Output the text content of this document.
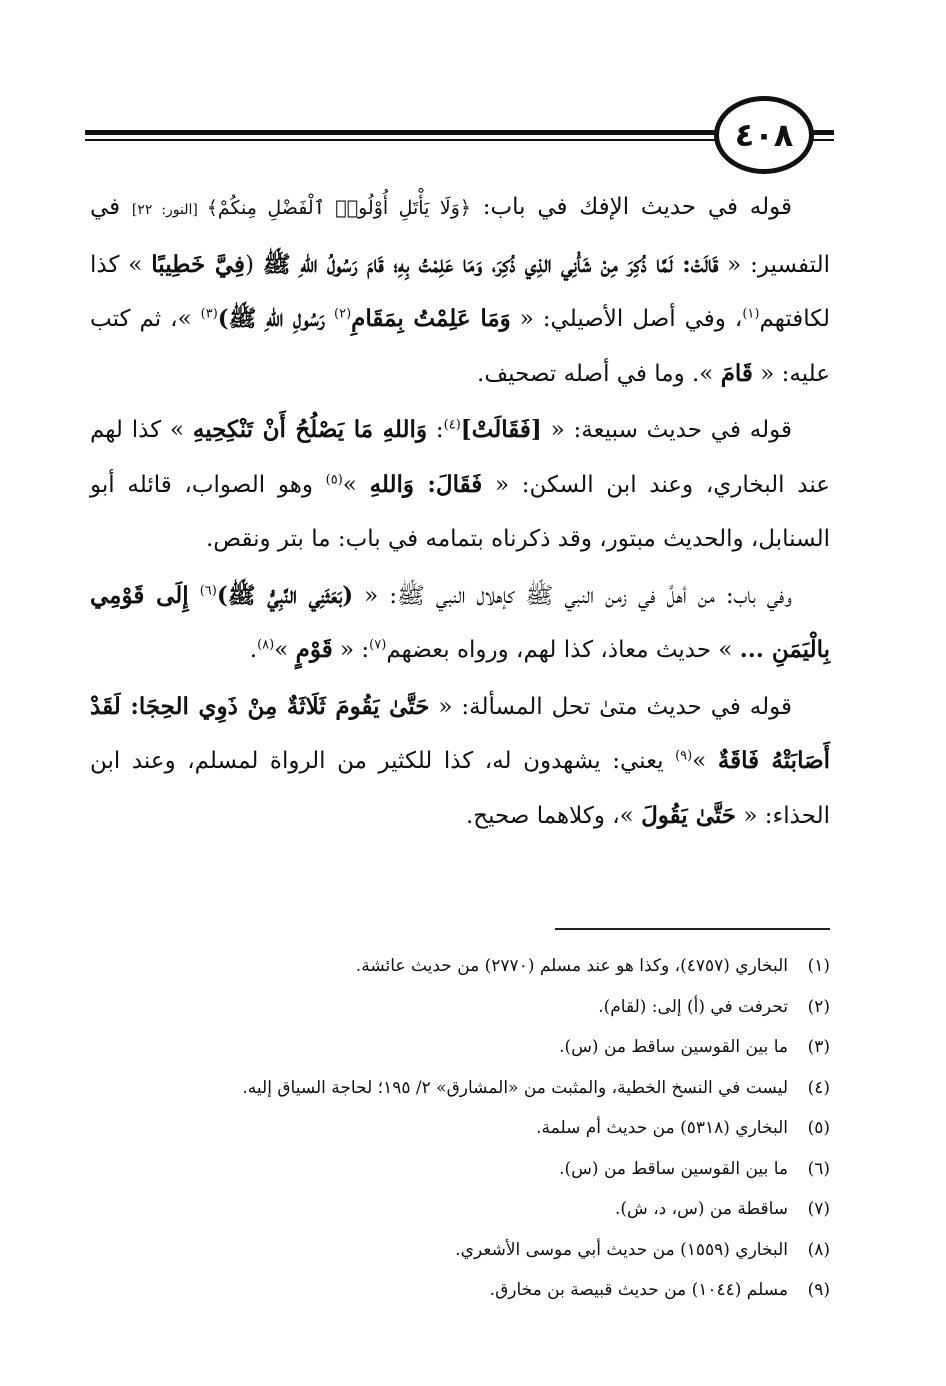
٤٠٨

قوله في حديث الإفك في باب: ﴿وَلَا يَأْتَلِ أُوْلُوا۟ ٱلْفَضْلِ مِنكُمْ﴾ [النور: ٢٢] في التفسير: « قَالَتْ: لَمَّا ذُكِرَ مِنْ شَأْنِي الذِي ذُكِرَ، وَمَا عَلِمْتُ بِهِ؛ قَامَ رَسُولُ اللهِ ﷺ (فِيَّ خَطِيبًا » كذا لكافتهم$^{(١)}$، وفي أصل الأصيلي: « وَمَا عَلِمْتُ بِمَقَامِ$^{(٢)}$ رَسُولِ اللهِ ﷺ)$^{(٣)}$ »، ثم كتب عليه: « قَامَ ». وما في أصله تصحيف.

قوله في حديث سبيعة: « [فَقَالَتْ]$^{(٤)}$: وَاللهِ مَا يَصْلُحُ أَنْ تَنْكِحِيهِ » كذا لهم عند البخاري، وعند ابن السكن: « فَقَالَ: وَاللهِ »$^{(٥)}$ وهو الصواب، قائله أبو السنابل، والحديث مبتور، وقد ذكرناه بتمامه في باب: ما بتر ونقص.

وفي باب: من أهلَّ في زمن النبي ﷺ كإهلال النبي ﷺ: « (بَعَثَنِي النَّبِيُّ ﷺ)$^{(٦)}$ إِلَى قَوْمِي بِالْيَمَنِ ... » حديث معاذ، كذا لهم، ورواه بعضهم$^{(٧)}$: « قَوْمٍ »$^{(٨)}$.

قوله في حديث متىٰ تحل المسألة: « حَتَّىٰ يَقُومَ ثَلَاثَةٌ مِنْ ذَوِي الحِجَا: لَقَدْ أَصَابَتْهُ فَاقَةٌ »$^{(٩)}$ يعني: يشهدون له، كذا للكثير من الرواة لمسلم، وعند ابن الحذاء: « حَتَّىٰ يَقُولَ »، وكلاهما صحيح.

(١)
البخاري (٤٧٥٧)، وكذا هو عند مسلم (٢٧٧٠) من حديث عائشة.
(٢)
تحرفت في (أ) إلى: (لقام).
(٣)
ما بين القوسين ساقط من (س).
(٤)
ليست في النسخ الخطية، والمثبت من «المشارق» ٢/ ١٩٥؛ لحاجة السياق إليه.
(٥)
البخاري (٥٣١٨) من حديث أم سلمة.
(٦)
ما بين القوسين ساقط من (س).
(٧)
ساقطة من (س، د، ش).
(٨)
البخاري (١٥٥٩) من حديث أبي موسى الأشعري.
(٩)
مسلم (١٠٤٤) من حديث قبيصة بن مخارق.
